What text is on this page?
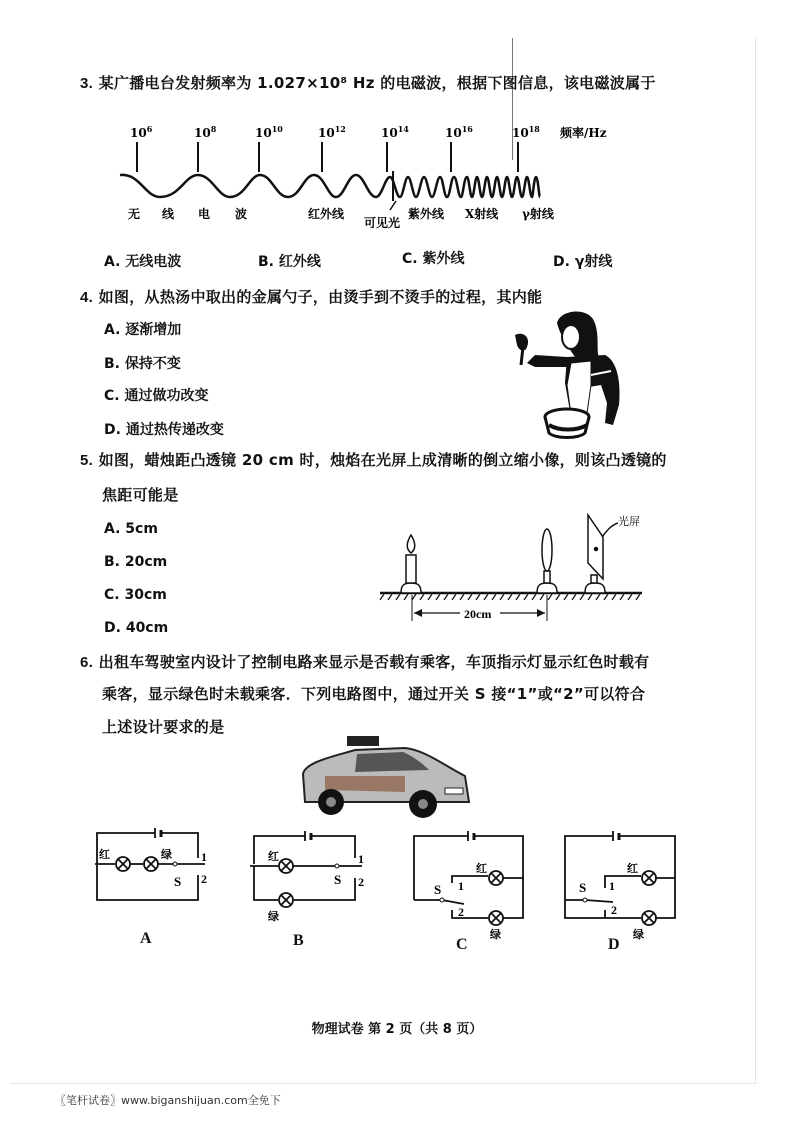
3. 某广播电台发射频率为 1.027×10⁸ Hz 的电磁波，根据下图信息，该电磁波属于
$10^6$	$10^8$	$10^{10}$	$10^{12}$	$10^{14}$	$10^{16}$	$10^{18}$ 频率/Hz
无 线 电 波	红外线
可见光
紫外线 X射线 γ射线
A. 无线电波	B. 红外线	C. 紫外线	D. γ射线
4. 如图，从热汤中取出的金属勺子，由烫手到不烫手的过程，其内能
A. 逐渐增加
B. 保持不变
C. 通过做功改变
D. 通过热传递改变
5. 如图，蜡烛距凸透镜 20 cm 时，烛焰在光屏上成清晰的倒立缩小像，则该凸透镜的
焦距可能是
A. 5cm
B. 20cm
C. 30cm
D. 40cm
光屏
20cm
6. 出租车驾驶室内设计了控制电路来显示是否载有乘客，车顶指示灯显示红色时载有
乘客，显示绿色时未载乘客．下列电路图中，通过开关 S 接“1”或“2”可以符合
上述设计要求的是
红	绿
S
1
2
A
红
绿
S
1
2
B
红
绿
S 1
2
C
红
绿
S 1
2
D
物理试卷 第 2 页（共 8 页）
〖笔杆试卷〗www.biganshijuan.com全免下
